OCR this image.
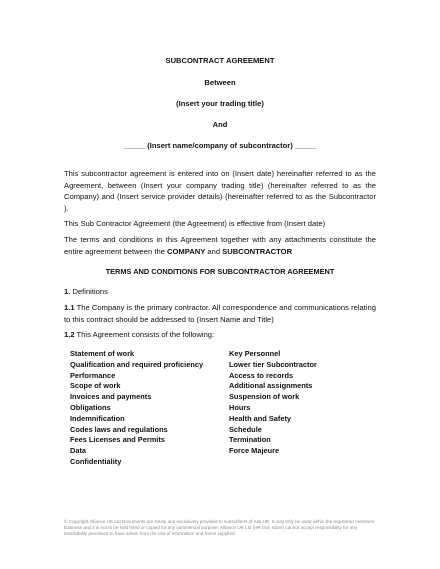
SUBCONTRACT AGREEMENT
Between
(Insert your trading title)
And
_____ (Insert name/company of subcontractor) _____
This subcontractor agreement is entered into on (Insert date) hereinafter referred to as the Agreement, between (Insert your company trading title) (hereinafter referred to as the Company) and (Insert service provider details) (hereinafter referred to as the Subcontractor ).
This Sub Contractor Agreement (the Agreement) is effective from (Insert date)
The terms and conditions in this Agreement together with any attachments constitute the entire agreement between the COMPANY and SUBCONTRACTOR
TERMS AND CONDITIONS FOR SUBCONTRACTOR AGREEMENT
1. Definitions
1.1 The Company is the primary contractor. All correspondence and communications relating to this contract should be addressed to (Insert Name and Title)
1.2 This Agreement consists of the following:
Statement of work
Qualification and required proficiency
Performance
Scope of work
Invoices and payments
Obligations
Indemnification
Codes laws and regulations
Fees Licenses and Permits
Data
Confidentiality
Key Personnel
Lower tier Subcontractor
Access to records
Additional assignments
Suspension of work
Hours
Health and Safety
Schedule
Termination
Force Majeure
© Copyright Alliance UK Ltd Documents are solely and exclusively provided to subscribers of Ask HR. It may only be used within the registered members business and it is not to be sold hired or copied for any commercial purpose. Alliance UK Ltd (HR Doc Store) cannot accept responsibility for any loss/liability perceived to have arisen from the use of information and forms supplied.
